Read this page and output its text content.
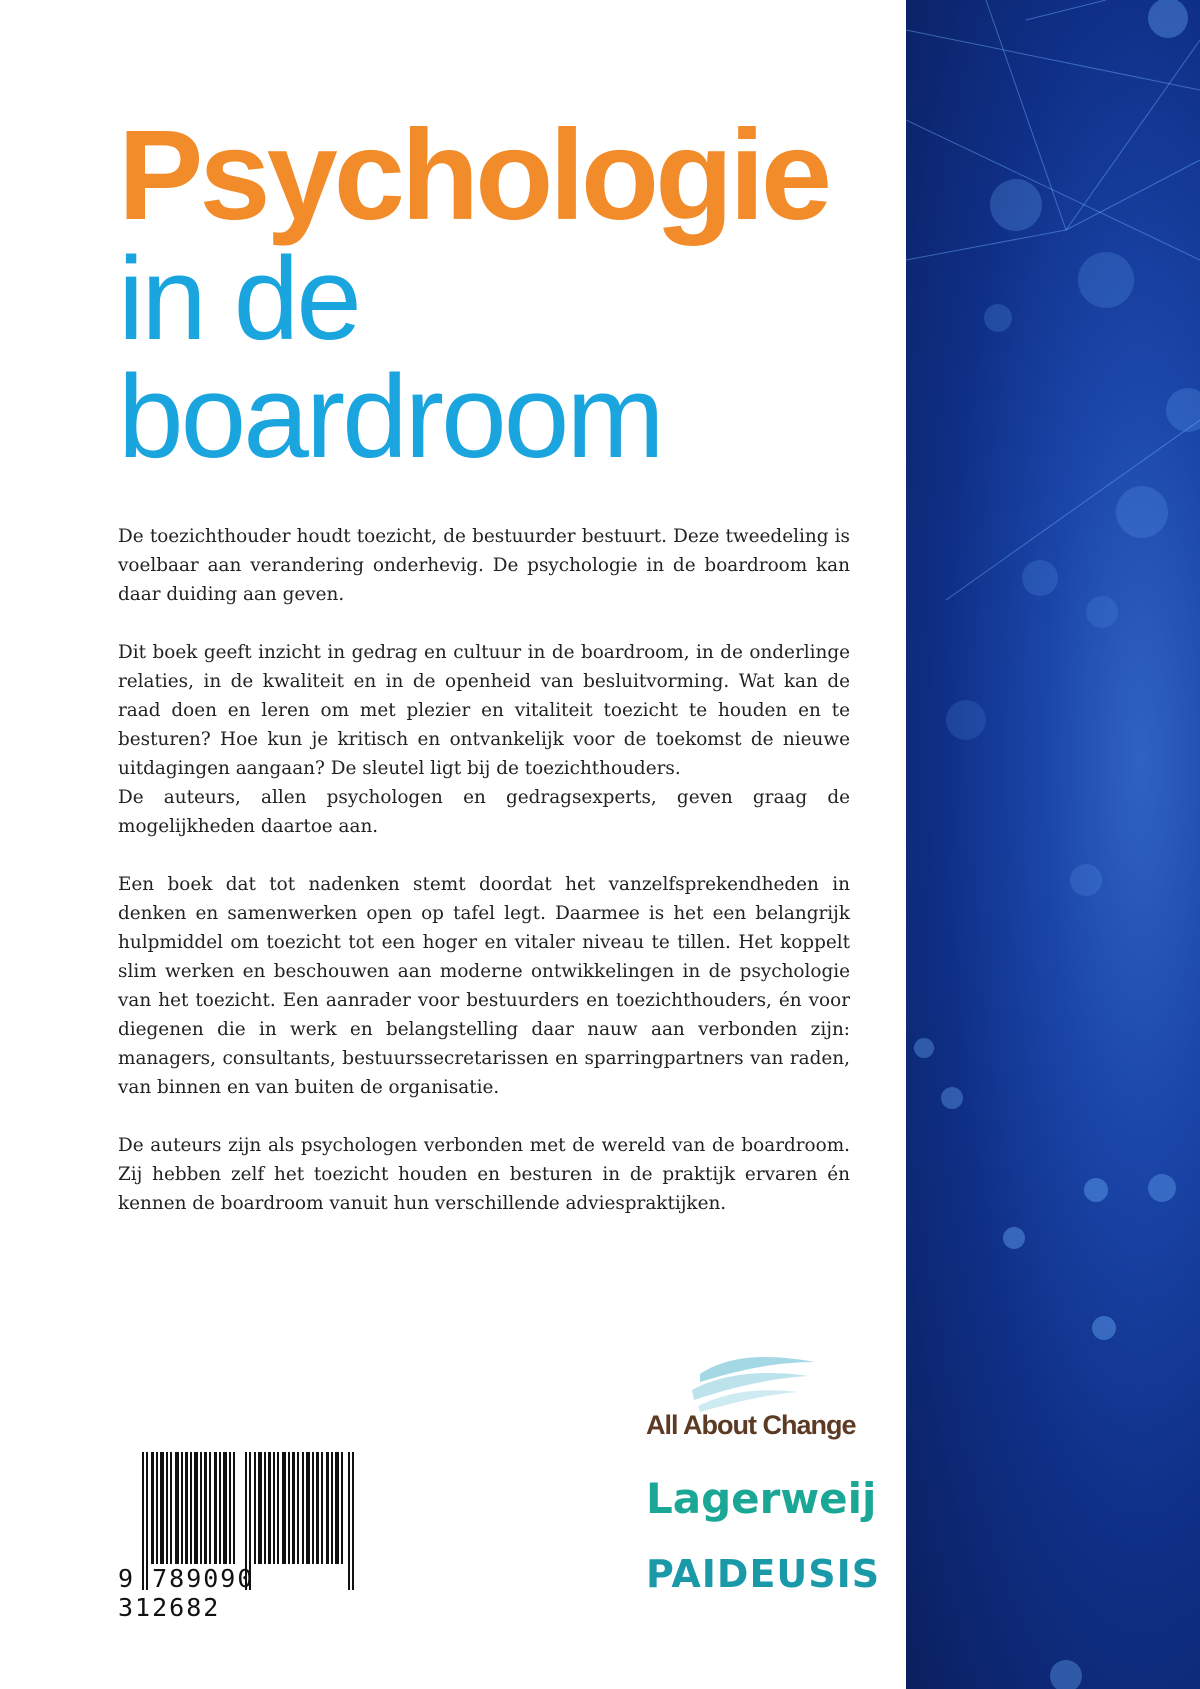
Psychologie
in de
boardroom

De toezichthouder houdt toezicht, de bestuurder bestuurt. Deze tweedeling is voelbaar aan verandering onderhevig. De psychologie in de boardroom kan daar duiding aan geven.

Dit boek geeft inzicht in gedrag en cultuur in de boardroom, in de onderlinge relaties, in de kwaliteit en in de openheid van besluitvorming. Wat kan de raad doen en leren om met plezier en vitaliteit toezicht te houden en te besturen? Hoe kun je kritisch en ontvankelijk voor de toekomst de nieuwe uitdagingen aangaan? De sleutel ligt bij de toezichthouders.

De auteurs, allen psychologen en gedragsexperts, geven graag de mogelijkheden daartoe aan.

Een boek dat tot nadenken stemt doordat het vanzelfsprekendheden in denken en samenwerken open op tafel legt. Daarmee is het een belangrijk hulpmiddel om toezicht tot een hoger en vitaler niveau te tillen. Het koppelt slim werken en beschouwen aan moderne ontwikkelingen in de psychologie van het toezicht. Een aanrader voor bestuurders en toezichthouders, én voor diegenen die in werk en belangstelling daar nauw aan verbonden zijn: managers, consultants, bestuurssecretarissen en sparringpartners van raden, van binnen en van buiten de organisatie.

De auteurs zijn als psychologen verbonden met de wereld van de boardroom. Zij hebben zelf het toezicht houden en besturen in de praktijk ervaren én kennen de boardroom vanuit hun verschillende adviespraktijken.

9 789090 312682
All About Change
Lagerweij
PAIDEUSIS
